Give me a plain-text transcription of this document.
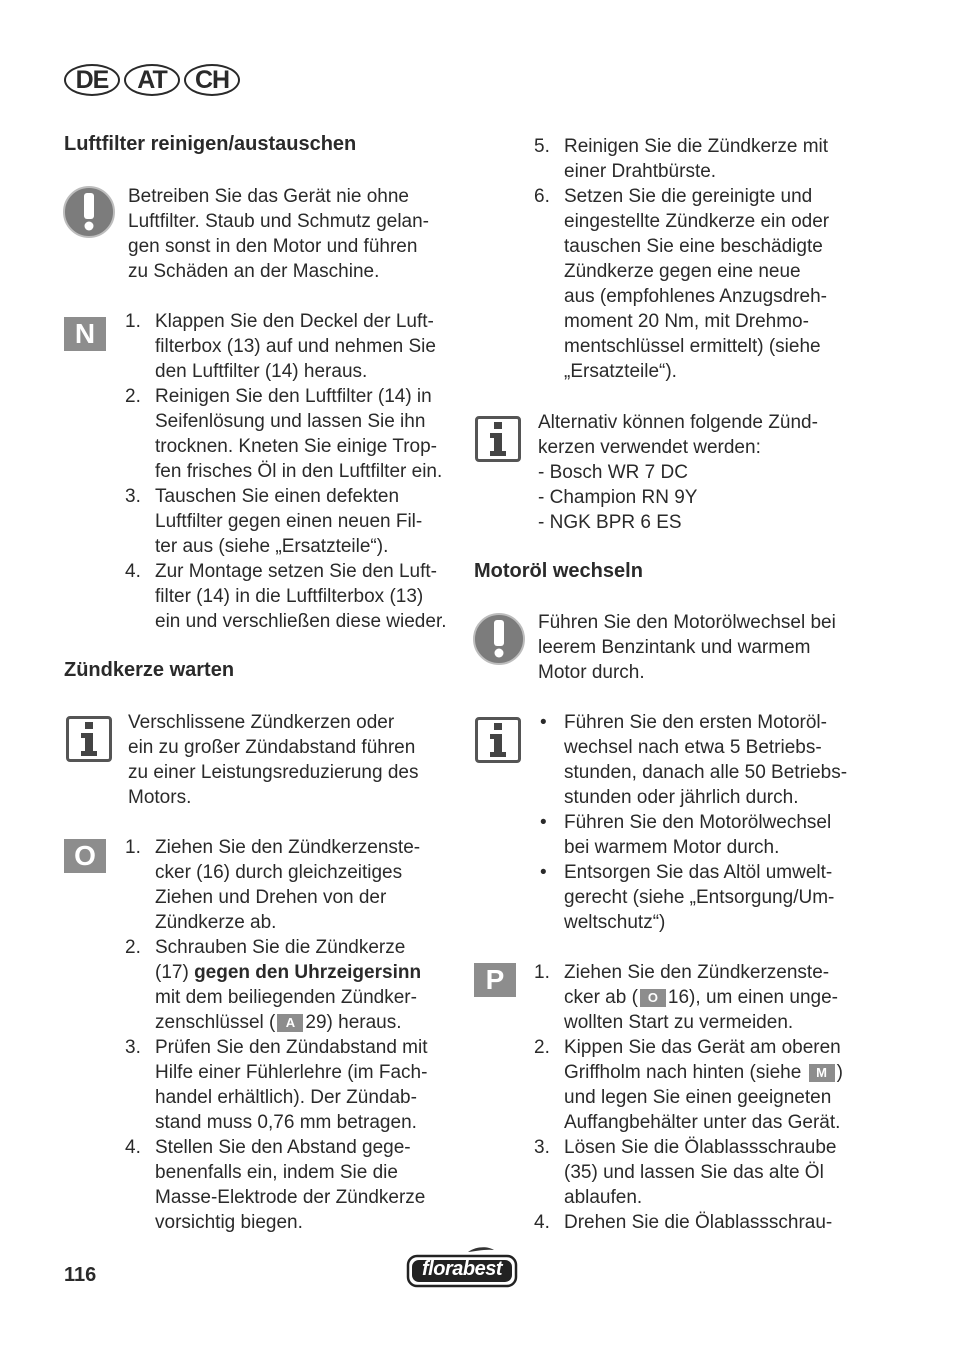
DE	AT	CH
Luftfilter reinigen/austauschen
Betreiben Sie das Gerät nie ohne
Luftfilter. Staub und Schmutz gelan-
gen sonst in den Motor und führen
zu Schäden an der Maschine.
N	1. Klappen Sie den Deckel der Luft-
filterbox (13) auf und nehmen Sie
den Luftfilter (14) heraus.
2. Reinigen Sie den Luftfilter (14) in
Seifenlösung und lassen Sie ihn
trocknen. Kneten Sie einige Trop-
fen frisches Öl in den Luftfilter ein.
3. Tauschen Sie einen defekten
Luftfilter gegen einen neuen Fil-
ter aus (siehe „Ersatzteile“).
4. Zur Montage setzen Sie den Luft-
filter (14) in die Luftfilterbox (13)
ein und verschließen diese wieder.
Zündkerze warten
Verschlissene Zündkerzen oder
ein zu großer Zündabstand führen
zu einer Leistungsreduzierung des
Motors.
O	1. Ziehen Sie den Zündkerzenste-
cker (16) durch gleichzeitiges
Ziehen und Drehen von der
Zündkerze ab.
2. Schrauben Sie die Zündkerze
(17) gegen den Uhrzeigersinn
mit dem beiliegenden Zündker-
zenschlüssel ( A 29) heraus.
3. Prüfen Sie den Zündabstand mit
Hilfe einer Fühlerlehre (im Fach-
handel erhältlich). Der Zündab-
stand muss 0,76 mm betragen.
4. Stellen Sie den Abstand gege-
benenfalls ein, indem Sie die
Masse-Elektrode der Zündkerze
vorsichtig biegen.
5. Reinigen Sie die Zündkerze mit
einer Drahtbürste.
6. Setzen Sie die gereinigte und
eingestellte Zündkerze ein oder
tauschen Sie eine beschädigte
Zündkerze gegen eine neue
aus (empfohlenes Anzugsdreh-
moment 20 Nm, mit Drehmo-
mentschlüssel ermittelt) (siehe
„Ersatzteile“).
Alternativ können folgende Zünd-
kerzen verwendet werden:
- Bosch WR 7 DC
- Champion RN 9Y
- NGK BPR 6 ES
Motoröl wechseln
Führen Sie den Motorölwechsel bei
leerem Benzintank und warmem
Motor durch.
• Führen Sie den ersten Motoröl-
wechsel nach etwa 5 Betriebs-
stunden, danach alle 50 Betriebs-
stunden oder jährlich durch.
• Führen Sie den Motorölwechsel
bei warmem Motor durch.
• Entsorgen Sie das Altöl umwelt-
gerecht (siehe „Entsorgung/Um-
weltschutz“)
P	1. Ziehen Sie den Zündkerzenste-
cker ab ( O 16), um einen unge-
wollten Start zu vermeiden.
2. Kippen Sie das Gerät am oberen
Griffholm nach hinten (siehe M )
und legen Sie einen geeigneten
Auffangbehälter unter das Gerät.
3. Lösen Sie die Ölablassschraube
(35) und lassen Sie das alte Öl
ablaufen.
4. Drehen Sie die Ölablassschrau-
116	florabest
